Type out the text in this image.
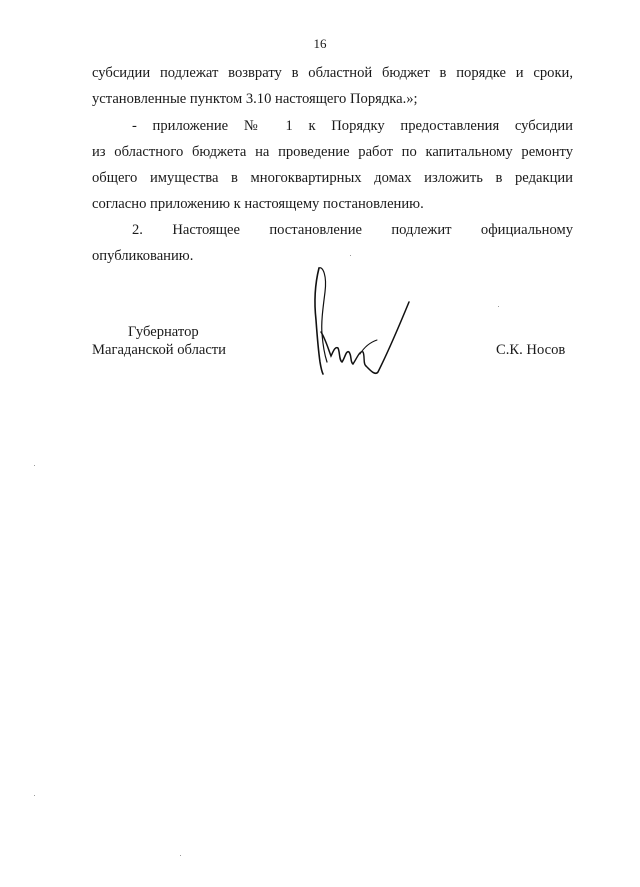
16
субсидии подлежат возврату в областной бюджет в порядке и сроки,
установленные пунктом 3.10 настоящего Порядка.»;
- приложение № 1 к Порядку предоставления субсидии
из областного бюджета на проведение работ по капитальному ремонту
общего имущества в многоквартирных домах изложить в редакции
согласно приложению к настоящему постановлению.
2. Настоящее постановление подлежит официальному
опубликованию.
Губернатор
Магаданской области	С.К. Носов
